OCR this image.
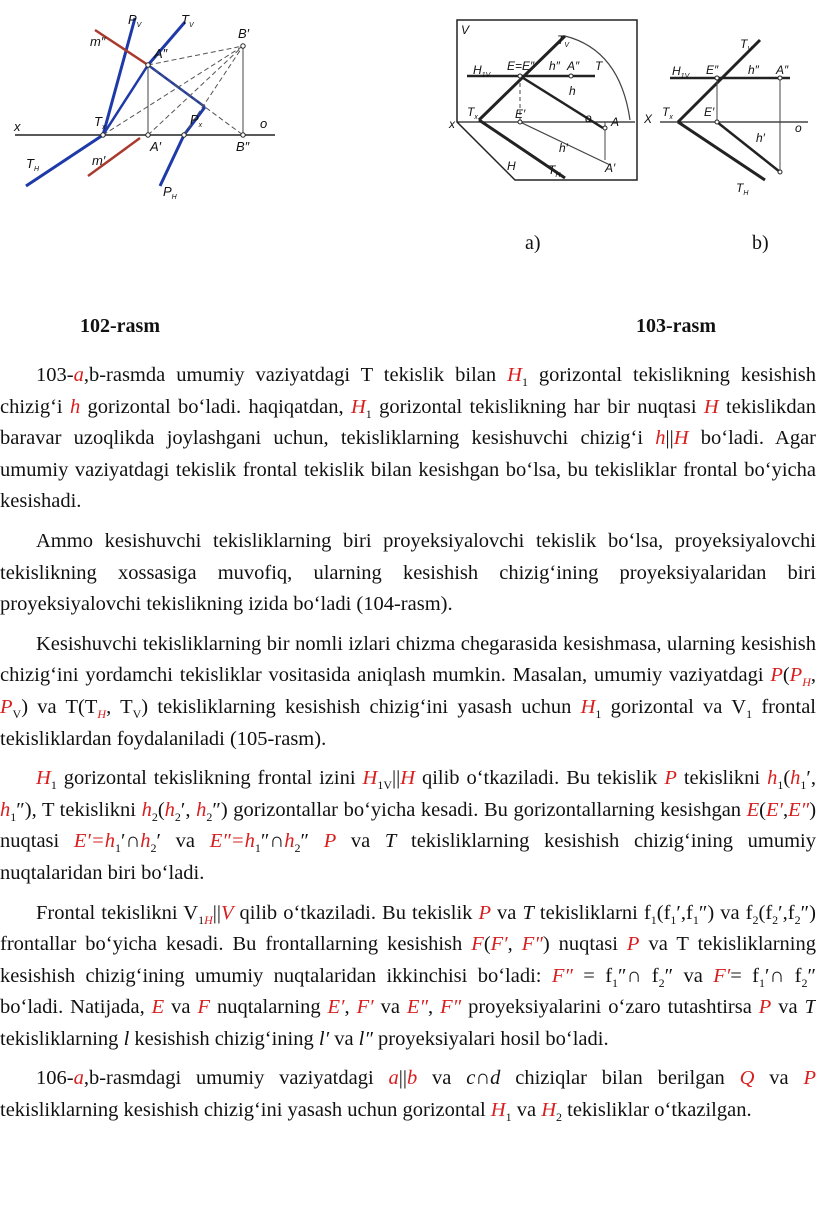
$P_V$	$T_V$
m″
A″
B′
x	$T_x$
$P_x$	o
A′	B″
$T_H$
m′
$P_H$
V
$T_V$
$H_{1V}$
E=E″ h″ A″ T
h
x
$T_x$	E′	o A
h′
H	$T_H$
A′
$T_V$
$H_{1V}$ E″ h″ A″
X $T_x$	E′
o
h′
$T_H$
a)	b)
102-rasm	103-rasm

103-a,b-rasmda umumiy vaziyatdagi T tekislik bilan $H_1$ gorizontal tekislikning kesishish chizig‘i h gorizontal bo‘ladi. haqiqatdan, $H_1$ gorizontal tekislikning har bir nuqtasi H tekislikdan baravar uzoqlikda joylashgani uchun, tekisliklarning kesishuvchi chizig‘i h||H bo‘ladi. Agar umumiy vaziyatdagi tekislik frontal tekislik bilan kesishgan bo‘lsa, bu tekisliklar frontal bo‘yicha kesishadi.

Ammo kesishuvchi tekisliklarning biri proyeksiyalovchi tekislik bo‘lsa, proyeksiyalovchi tekislikning xossasiga muvofiq, ularning kesishish chizig‘ining proyeksiyalaridan biri proyeksiyalovchi tekislikning izida bo‘ladi (104-rasm).

Kesishuvchi tekisliklarning bir nomli izlari chizma chegarasida kesishmasa, ularning kesishish chizig‘ini yordamchi tekisliklar vositasida aniqlash mumkin. Masalan, umumiy vaziyatdagi $P(P_H$, $P_V$) va $T(T_H$, $T_V$) tekisliklarning kesishish chizig‘ini yasash uchun $H_1$ gorizontal va $V_1$ frontal tekisliklardan foydalaniladi (105-rasm).

$H_1$ gorizontal tekislikning frontal izini $H_{1V}||H$ qilib o‘tkaziladi. Bu tekislik P tekislikni $h_1(h_1'$, $h_1''$), T tekislikni $h_2(h_2'$, $h_2''$) gorizontallar bo‘yicha kesadi. Bu gorizontallarning kesishgan E(E′,E″) nuqtasi $E'=h_1'\cap h_2'$ va $E''=h_1''\cap h_2''$ P va T tekisliklarning kesishish chizig‘ining umumiy nuqtalaridan biri bo‘ladi.

Frontal tekislikni $V_{1H}||V$ qilib o‘tkaziladi. Bu tekislik P va T tekisliklarni $f_1(f_1',f_1'')$ va $f_2(f_2',f_2'')$ frontallar bo‘yicha kesadi. Bu frontallarning kesishish F(F′, F″) nuqtasi P va T tekisliklarning kesishish chizig‘ining umumiy nuqtalaridan ikkinchisi bo‘ladi: $F'' = f_1''\cap$ $f_2''$ va $F'= f_1'\cap$ $f_2''$ bo‘ladi. Natijada, E va F nuqtalarning E′, F′ va E″, F″ proyeksiyalarini o‘zaro tutashtirsa P va T tekisliklarning l kesishish chizig‘ining l′ va l″ proyeksiyalari hosil bo‘ladi.

106-a,b-rasmdagi umumiy vaziyatdagi a||b va c∩d chiziqlar bilan berilgan Q va P tekisliklarning kesishish chizig‘ini yasash uchun gorizontal $H_1$ va $H_2$ tekisliklar o‘tkazilgan.
